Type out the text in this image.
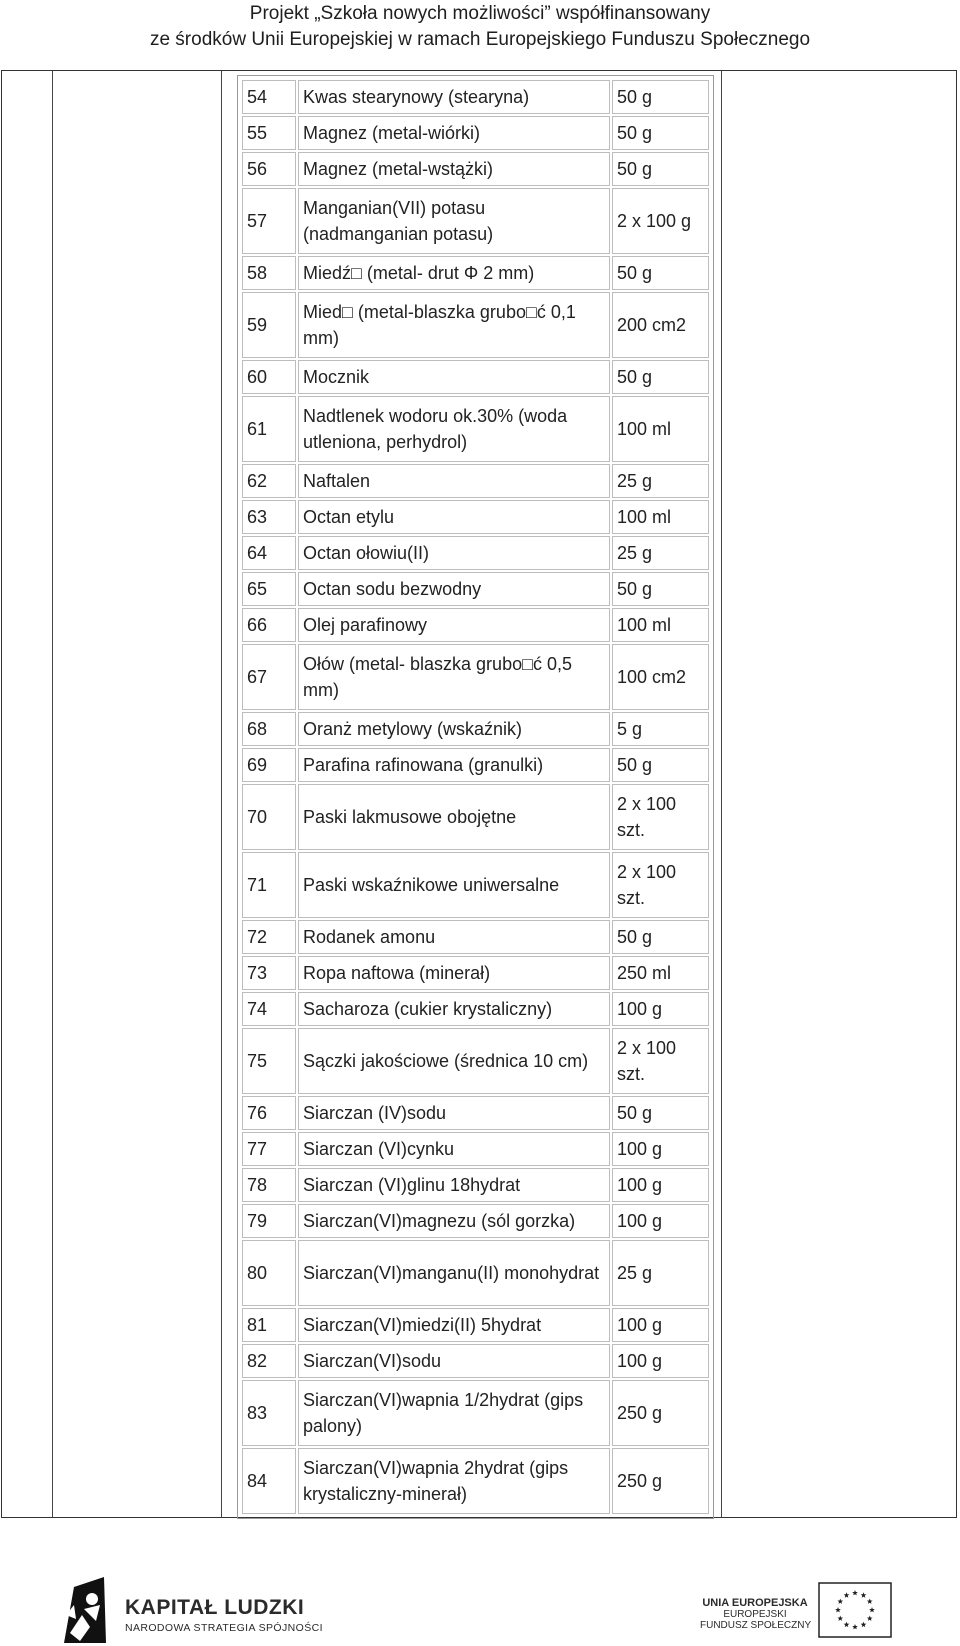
Projekt „Szkoła nowych możliwości” współfinansowany
ze środków Unii Europejskiej w ramach Europejskiego Funduszu Społecznego
54	Kwas stearynowy (stearyna)	50 g
55	Magnez (metal-wiórki)	50 g
56	Magnez (metal-wstążki)	50 g
57	Manganian(VII) potasu (nadmanganian potasu)	2 x 100 g
58	Miedź□ (metal- drut Φ 2 mm)	50 g
59	Mied□ (metal-blaszka grubo□ć 0,1 mm)	200 cm2
60	Mocznik	50 g
61	Nadtlenek wodoru ok.30% (woda utleniona, perhydrol)	100 ml
62	Naftalen	25 g
63	Octan etylu	100 ml
64	Octan ołowiu(II)	25 g
65	Octan sodu bezwodny	50 g
66	Olej parafinowy	100 ml
67	Ołów (metal- blaszka grubo□ć 0,5 mm)	100 cm2
68	Oranż metylowy (wskaźnik)	5 g
69	Parafina rafinowana (granulki)	50 g
70	Paski lakmusowe obojętne	2 x 100 szt.
71	Paski wskaźnikowe uniwersalne	2 x 100 szt.
72	Rodanek amonu	50 g
73	Ropa naftowa (minerał)	250 ml
74	Sacharoza (cukier krystaliczny)	100 g
75	Sączki jakościowe (średnica 10 cm)	2 x 100 szt.
76	Siarczan (IV)sodu	50 g
77	Siarczan (VI)cynku	100 g
78	Siarczan (VI)glinu 18hydrat	100 g
79	Siarczan(VI)magnezu (sól gorzka)	100 g
80	Siarczan(VI)manganu(II) monohydrat	25 g
81	Siarczan(VI)miedzi(II) 5hydrat	100 g
82	Siarczan(VI)sodu	100 g
83	Siarczan(VI)wapnia 1/2hydrat (gips palony)	250 g
84	Siarczan(VI)wapnia 2hydrat (gips krystaliczny-minerał)	250 g
KAPITAŁ LUDZKI
NARODOWA STRATEGIA SPÓJNOŚCI
UNIA EUROPEJSKA
EUROPEJSKI
FUNDUSZ SPOŁECZNY
